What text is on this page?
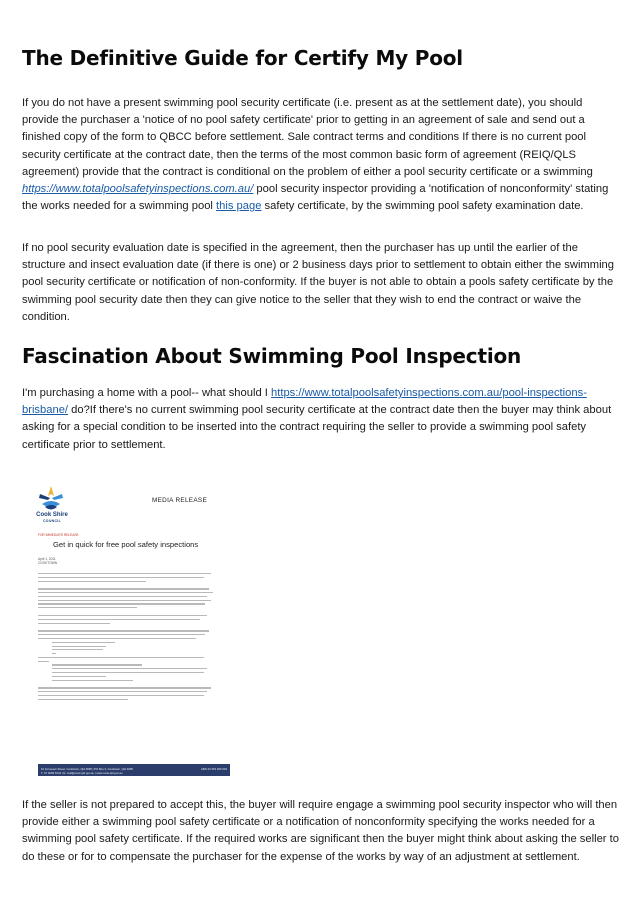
The Definitive Guide for Certify My Pool

If you do not have a present swimming pool security certificate (i.e. present as at the settlement date), you should provide the purchaser a 'notice of no pool safety certificate' prior to getting in an agreement of sale and send out a finished copy of the form to QBCC before settlement. Sale contract terms and conditions If there is no current pool security certificate at the contract date, then the terms of the most common basic form of agreement (REIQ/QLS agreement) provide that the contract is conditional on the problem of either a pool security certificate or a swimming https://www.totalpoolsafetyinspections.com.au/ pool security inspector providing a 'notification of nonconformity' stating the works needed for a swimming pool this page safety certificate, by the swimming pool safety examination date.

If no pool security evaluation date is specified in the agreement, then the purchaser has up until the earlier of the structure and insect evaluation date (if there is one) or 2 business days prior to settlement to obtain either the swimming pool security certificate or notification of non-conformity. If the buyer is not able to obtain a pools safety certificate by the swimming pool security date then they can give notice to the seller that they wish to end the contract or waive the condition.

Fascination About Swimming Pool Inspection

I'm purchasing a home with a pool-- what should I https://www.totalpoolsafetyinspections.com.au/pool-inspections-brisbane/ do?If there's no current swimming pool security certificate at the contract date then the buyer may think about asking for a special condition to be inserted into the contract requiring the seller to provide a swimming pool safety certificate prior to settlement.

Cook Shire
COUNCIL
MEDIA RELEASE
FOR IMMEDIATE RELEASE
Get in quick for free pool safety inspections
April 1, 2011
COOKTOWN
10 Furneaux Street, Cooktown, Qld 4895 | PO Box 3, Cooktown, Qld 4895
T: 07 4069 5444 | E: mail@cook.qld.gov.au | www.cook.qld.gov.au
ABN 43 354 925 604

If the seller is not prepared to accept this, the buyer will require engage a swimming pool security inspector who will then provide either a swimming pool safety certificate or a notification of nonconformity specifying the works needed for a swimming pool safety certificate. If the required works are significant then the buyer might think about asking the seller to do these or for to compensate the purchaser for the expense of the works by way of an adjustment at settlement.
